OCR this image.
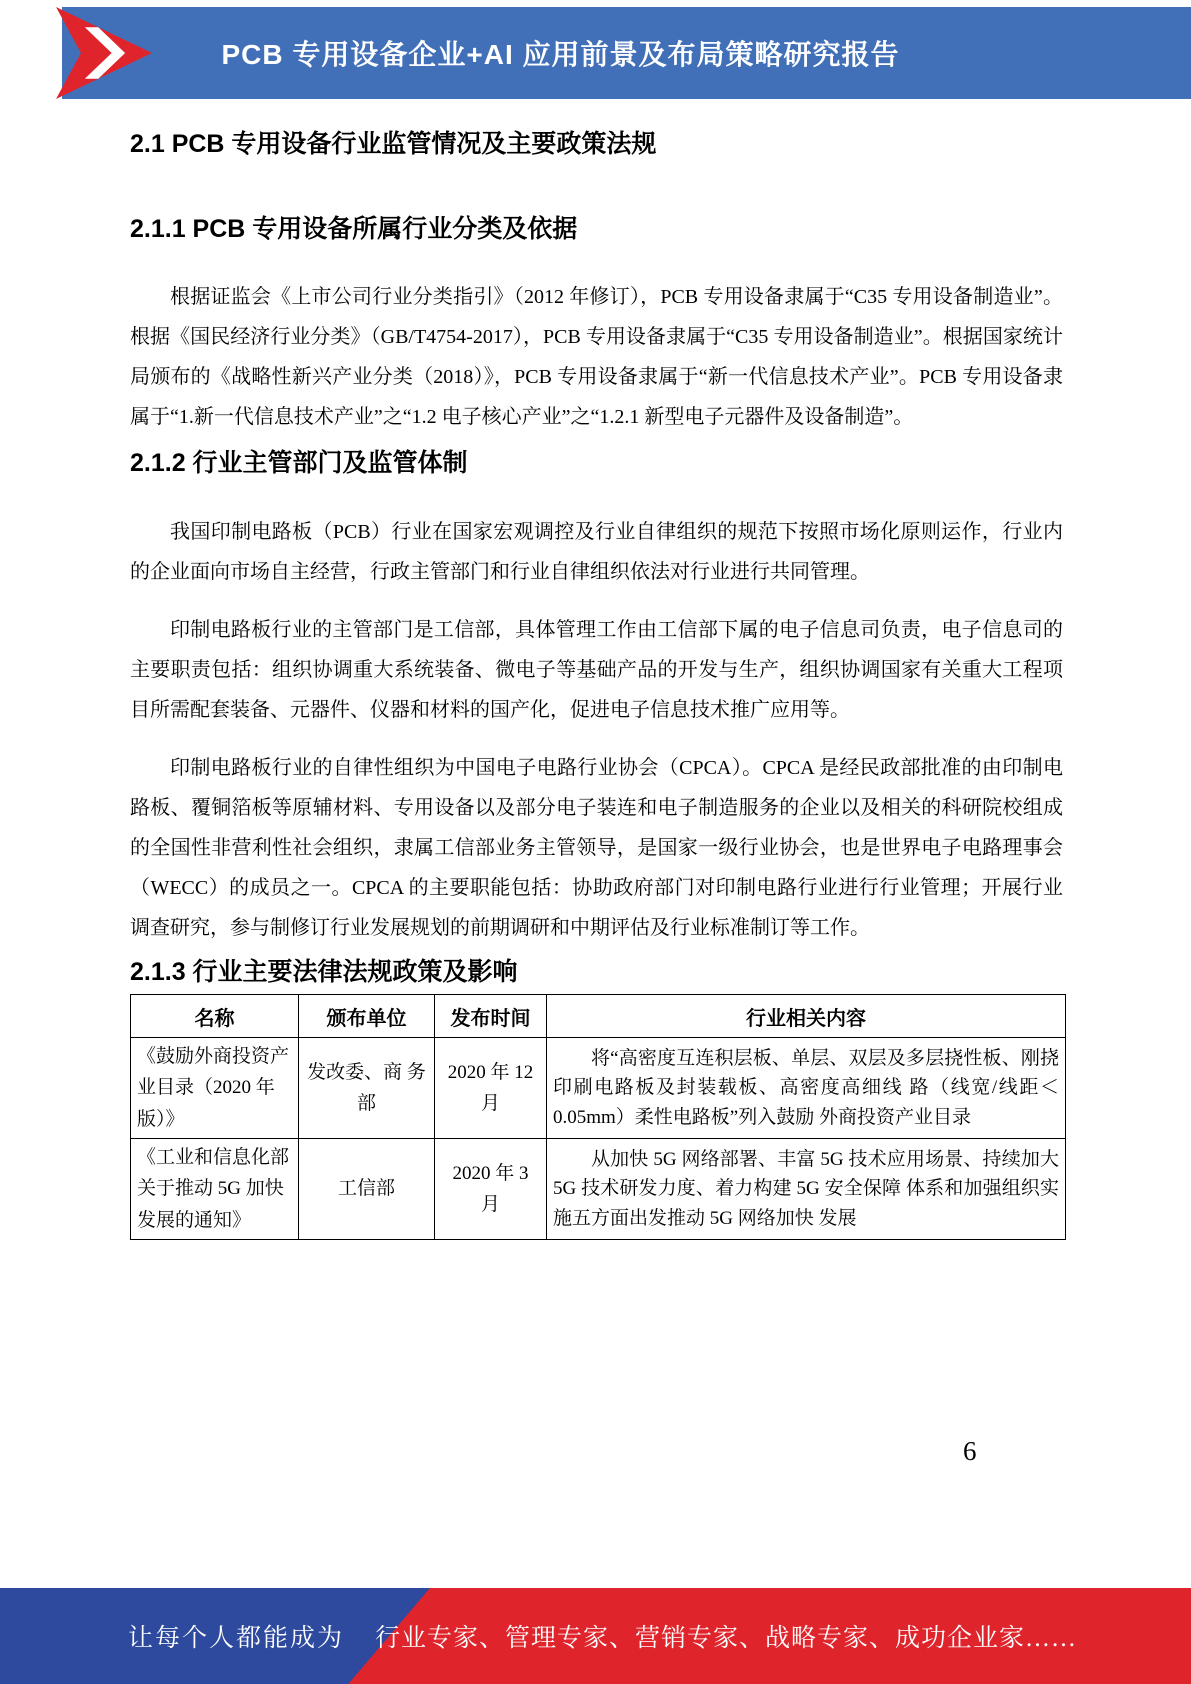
PCB 专用设备企业+AI 应用前景及布局策略研究报告
2.1 PCB 专用设备行业监管情况及主要政策法规
2.1.1 PCB 专用设备所属行业分类及依据

根据证监会《上市公司行业分类指引》（2012 年修订），PCB 专用设备隶属于“C35 专用设备制造业”。根据《国民经济行业分类》（GB/T4754-2017），PCB 专用设备隶属于“C35 专用设备制造业”。根据国家统计局颁布的《战略性新兴产业分类（2018）》，PCB 专用设备隶属于“新一代信息技术产业”。PCB 专用设备隶属于“1.新一代信息技术产业”之“1.2 电子核心产业”之“1.2.1 新型电子元器件及设备制造”。

2.1.2 行业主管部门及监管体制

我国印制电路板（PCB）行业在国家宏观调控及行业自律组织的规范下按照市场化原则运作，行业内的企业面向市场自主经营，行政主管部门和行业自律组织依法对行业进行共同管理。

印制电路板行业的主管部门是工信部，具体管理工作由工信部下属的电子信息司负责，电子信息司的主要职责包括：组织协调重大系统装备、微电子等基础产品的开发与生产，组织协调国家有关重大工程项目所需配套装备、元器件、仪器和材料的国产化，促进电子信息技术推广应用等。

印制电路板行业的自律性组织为中国电子电路行业协会（CPCA）。CPCA 是经民政部批准的由印制电路板、覆铜箔板等原辅材料、专用设备以及部分电子装连和电子制造服务的企业以及相关的科研院校组成的全国性非营利性社会组织，隶属工信部业务主管领导，是国家一级行业协会，也是世界电子电路理事会（WECC）的成员之一。CPCA 的主要职能包括：协助政府部门对印制电路行业进行行业管理；开展行业调查研究，参与制修订行业发展规划的前期调研和中期评估及行业标准制订等工作。

2.1.3 行业主要法律法规政策及影响
名称	颁布单位	发布时间	行业相关内容
《鼓励外商投资产业目录（2020 年版）》	发改委、商 务部	2020 年 12 月	将“高密度互连积层板、单层、双层及多层挠性板、刚挠印刷电路板及封装载板、高密度高细线 路（线宽/线距＜0.05mm）柔性电路板”列入鼓励 外商投资产业目录
《工业和信息化部关于推动 5G 加快发展的通知》	工信部	2020 年 3 月	从加快 5G 网络部署、丰富 5G 技术应用场景、持续加大 5G 技术研发力度、着力构建 5G 安全保障 体系和加强组织实施五方面出发推动 5G 网络加快 发展
6
让每个人都能成为 行业专家、管理专家、营销专家、战略专家、成功企业家……
